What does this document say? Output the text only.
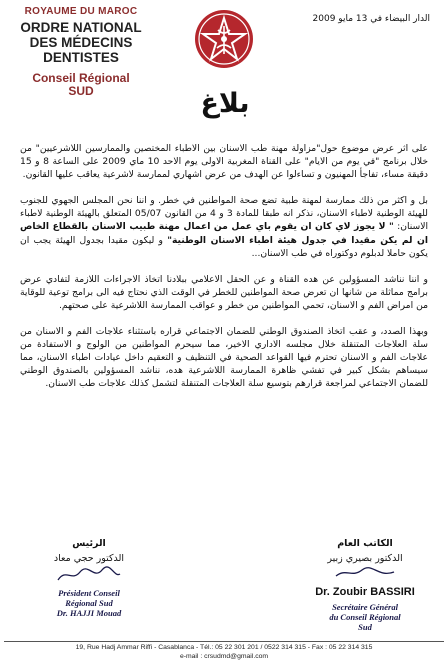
ROYAUME DU MAROC
ORDRE NATIONAL
DES MÉDECINS
DENTISTES
Conseil Régional
SUD
الدار البيضاء في 13 مايو 2009
بلاغ

على اثر عرض موضوع حول"مزاولة مهنة طب الاسنان بين الاطباء المختصين والممارسين اللاشرعيين" من خلال برنامج "في يوم من الايام" على القناة المغربية الاولى يوم الاحد 10 ماي 2009 على الساعة 8 و 15 دقيقة مساء، تفاجأ المهنيون و تساءلوا عن الهدف من عرض اشهاري لممارسة لاشرعية يعاقب عليها القانون.

بل و اكثر من ذلك ممارسة لمهنة طبية تضع صحة المواطنين في خطر. و اننا نحن المجلس الجهوي للجنوب للهيئة الوطنية لاطباء الاسنان، نذكر انه طبقا للمادة 3 و 4 من القانون 05/07 المتعلق بالهيئة الوطنية لاطباء الاسنان: " لا يجوز لاي كان ان يقوم باي عمل من اعمال مهنة طبيب الاسنان بالقطاع الخاص ان لم يكن مقيدا في جدول هيئة اطباء الاسنان الوطنية" و ليكون مقيدا بجدول الهيئة يجب ان يكون حاملا لدبلوم دوكتوراه في طب الاسنان...

و اننا نناشد المسؤولين عن هده القناة و عن الحقل الاعلامي ببلادنا اتخاذ الاجراءات اللازمة لتفادي عرض برامج مماثلة من شانها ان تعرض صحة المواطنين للخطر في الوقت الذي نحتاج فيه الى برامج توعية للوقاية من امراض الفم و الاسنان، تحمي المواطنين من خطر و عواقب الممارسة اللاشرعية على صحتهم.

وبهذا الصدد، و عقب اتخاذ الصندوق الوطني للضمان الاجتماعي قراره باستثناء علاجات الفم و الاسنان من سلة العلاجات المتنقلة خلال مجلسه الاداري الاخير، مما سيحرم المواطنين من الولوج و الاستفادة من علاجات الفم و الاسنان تحترم فيها القواعد الصحية في التنظيف و التعقيم داخل عيادات اطباء الاسنان، مما سيساهم بشكل كبير في تفشي ظاهرة الممارسة اللاشرعية هده، نناشد المسؤولين بالصندوق الوطني للضمان الاجتماعي لمراجعة قرارهم بتوسيع سلة العلاجات المتنقلة لتشمل كذلك علاجات طب الاسنان.

الرئيس
الدكتور حجي معاد
Président Conseil
Régional Sud
Dr. HAJJI Mouad
الكاتب العام
الدكتور بصيري زبير
Dr. Zoubir BASSIRI
Secrétaire Général
du Conseil Régional
Sud
19, Rue Hadj Ammar Riffi - Casablanca - Tél.: 05 22 301 201 / 0522 314 315 - Fax : 05 22 314 315
e-mail : crsudmd@gmail.com
